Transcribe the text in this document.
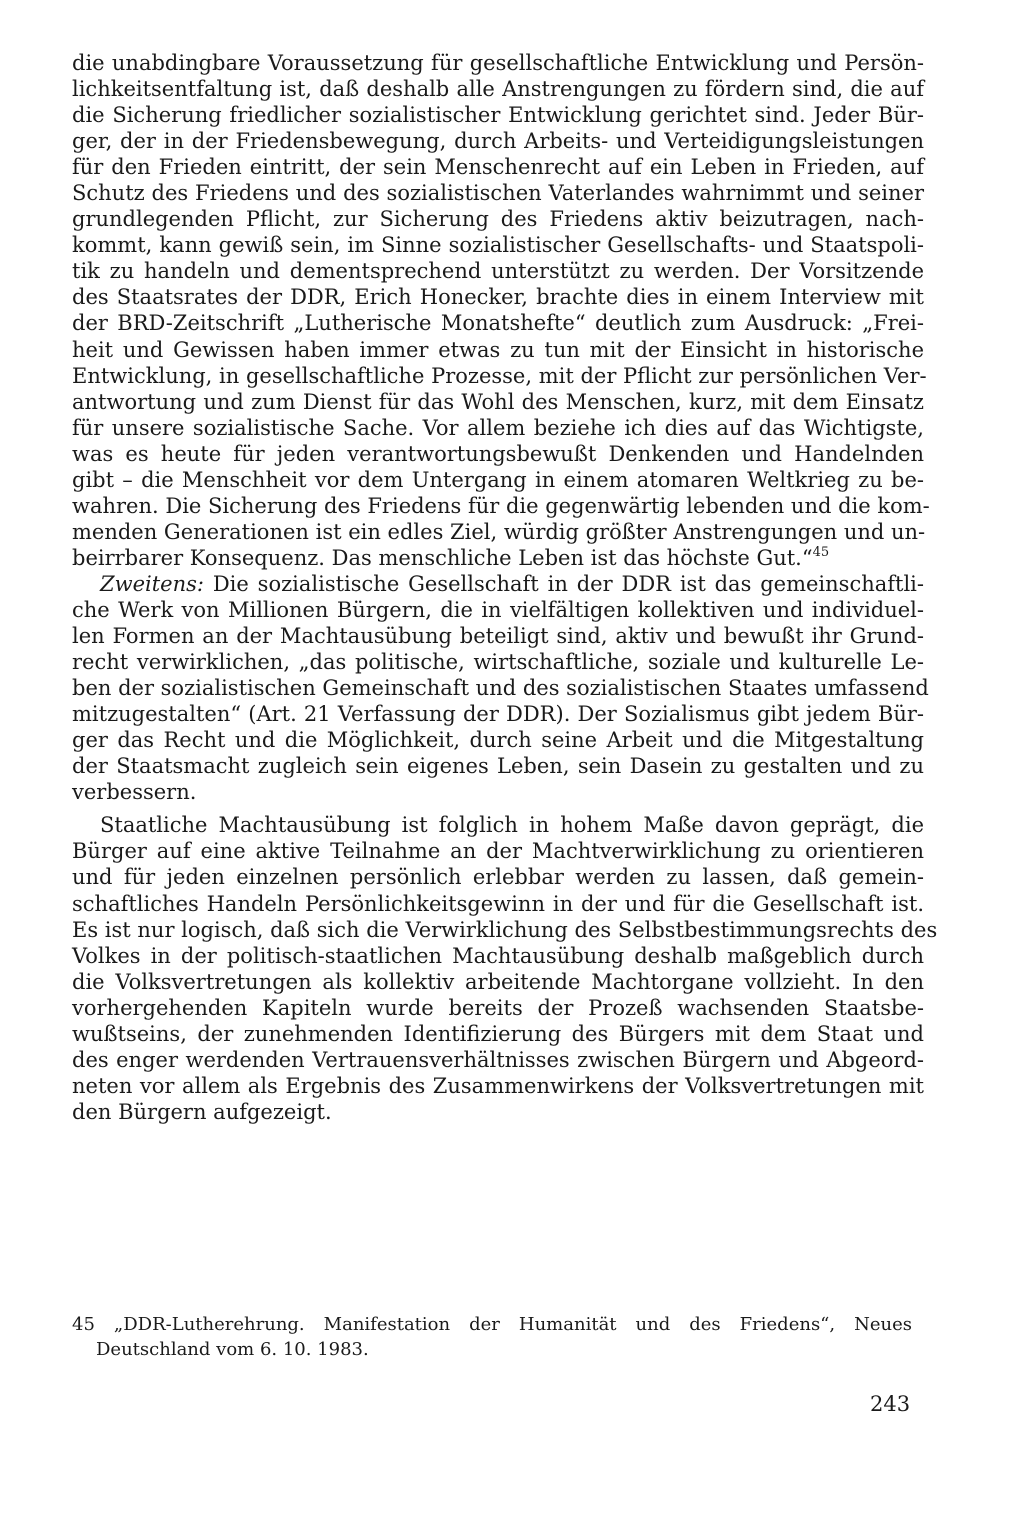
die unabdingbare Voraussetzung für gesellschaftliche Entwicklung und Persön-
lichkeitsentfaltung ist, daß deshalb alle Anstrengungen zu fördern sind, die auf
die Sicherung friedlicher sozialistischer Entwicklung gerichtet sind. Jeder Bür-
ger, der in der Friedensbewegung, durch Arbeits- und Verteidigungsleistungen
für den Frieden eintritt, der sein Menschenrecht auf ein Leben in Frieden, auf
Schutz des Friedens und des sozialistischen Vaterlandes wahrnimmt und seiner
grundlegenden Pflicht, zur Sicherung des Friedens aktiv beizutragen, nach-
kommt, kann gewiß sein, im Sinne sozialistischer Gesellschafts- und Staatspoli-
tik zu handeln und dementsprechend unterstützt zu werden. Der Vorsitzende
des Staatsrates der DDR, Erich Honecker, brachte dies in einem Interview mit
der BRD-Zeitschrift „Lutherische Monatshefte“ deutlich zum Ausdruck: „Frei-
heit und Gewissen haben immer etwas zu tun mit der Einsicht in historische
Entwicklung, in gesellschaftliche Prozesse, mit der Pflicht zur persönlichen Ver-
antwortung und zum Dienst für das Wohl des Menschen, kurz, mit dem Einsatz
für unsere sozialistische Sache. Vor allem beziehe ich dies auf das Wichtigste,
was es heute für jeden verantwortungsbewußt Denkenden und Handelnden
gibt – die Menschheit vor dem Untergang in einem atomaren Weltkrieg zu be-
wahren. Die Sicherung des Friedens für die gegenwärtig lebenden und die kom-
menden Generationen ist ein edles Ziel, würdig größter Anstrengungen und un-
beirrbarer Konsequenz. Das menschliche Leben ist das höchste Gut.“$^{45}$
Zweitens: Die sozialistische Gesellschaft in der DDR ist das gemeinschaftli-
che Werk von Millionen Bürgern, die in vielfältigen kollektiven und individuel-
len Formen an der Machtausübung beteiligt sind, aktiv und bewußt ihr Grund-
recht verwirklichen, „das politische, wirtschaftliche, soziale und kulturelle Le-
ben der sozialistischen Gemeinschaft und des sozialistischen Staates umfassend
mitzugestalten“ (Art. 21 Verfassung der DDR). Der Sozialismus gibt jedem Bür-
ger das Recht und die Möglichkeit, durch seine Arbeit und die Mitgestaltung
der Staatsmacht zugleich sein eigenes Leben, sein Dasein zu gestalten und zu
verbessern.
Staatliche Machtausübung ist folglich in hohem Maße davon geprägt, die
Bürger auf eine aktive Teilnahme an der Machtverwirklichung zu orientieren
und für jeden einzelnen persönlich erlebbar werden zu lassen, daß gemein-
schaftliches Handeln Persönlichkeitsgewinn in der und für die Gesellschaft ist.
Es ist nur logisch, daß sich die Verwirklichung des Selbstbestimmungsrechts des
Volkes in der politisch-staatlichen Machtausübung deshalb maßgeblich durch
die Volksvertretungen als kollektiv arbeitende Machtorgane vollzieht. In den
vorhergehenden Kapiteln wurde bereits der Prozeß wachsenden Staatsbe-
wußtseins, der zunehmenden Identifizierung des Bürgers mit dem Staat und
des enger werdenden Vertrauensverhältnisses zwischen Bürgern und Abgeord-
neten vor allem als Ergebnis des Zusammenwirkens der Volksvertretungen mit
den Bürgern aufgezeigt.
45 „DDR-Lutherehrung. Manifestation der Humanität und des Friedens“, Neues
Deutschland vom 6. 10. 1983.
243
